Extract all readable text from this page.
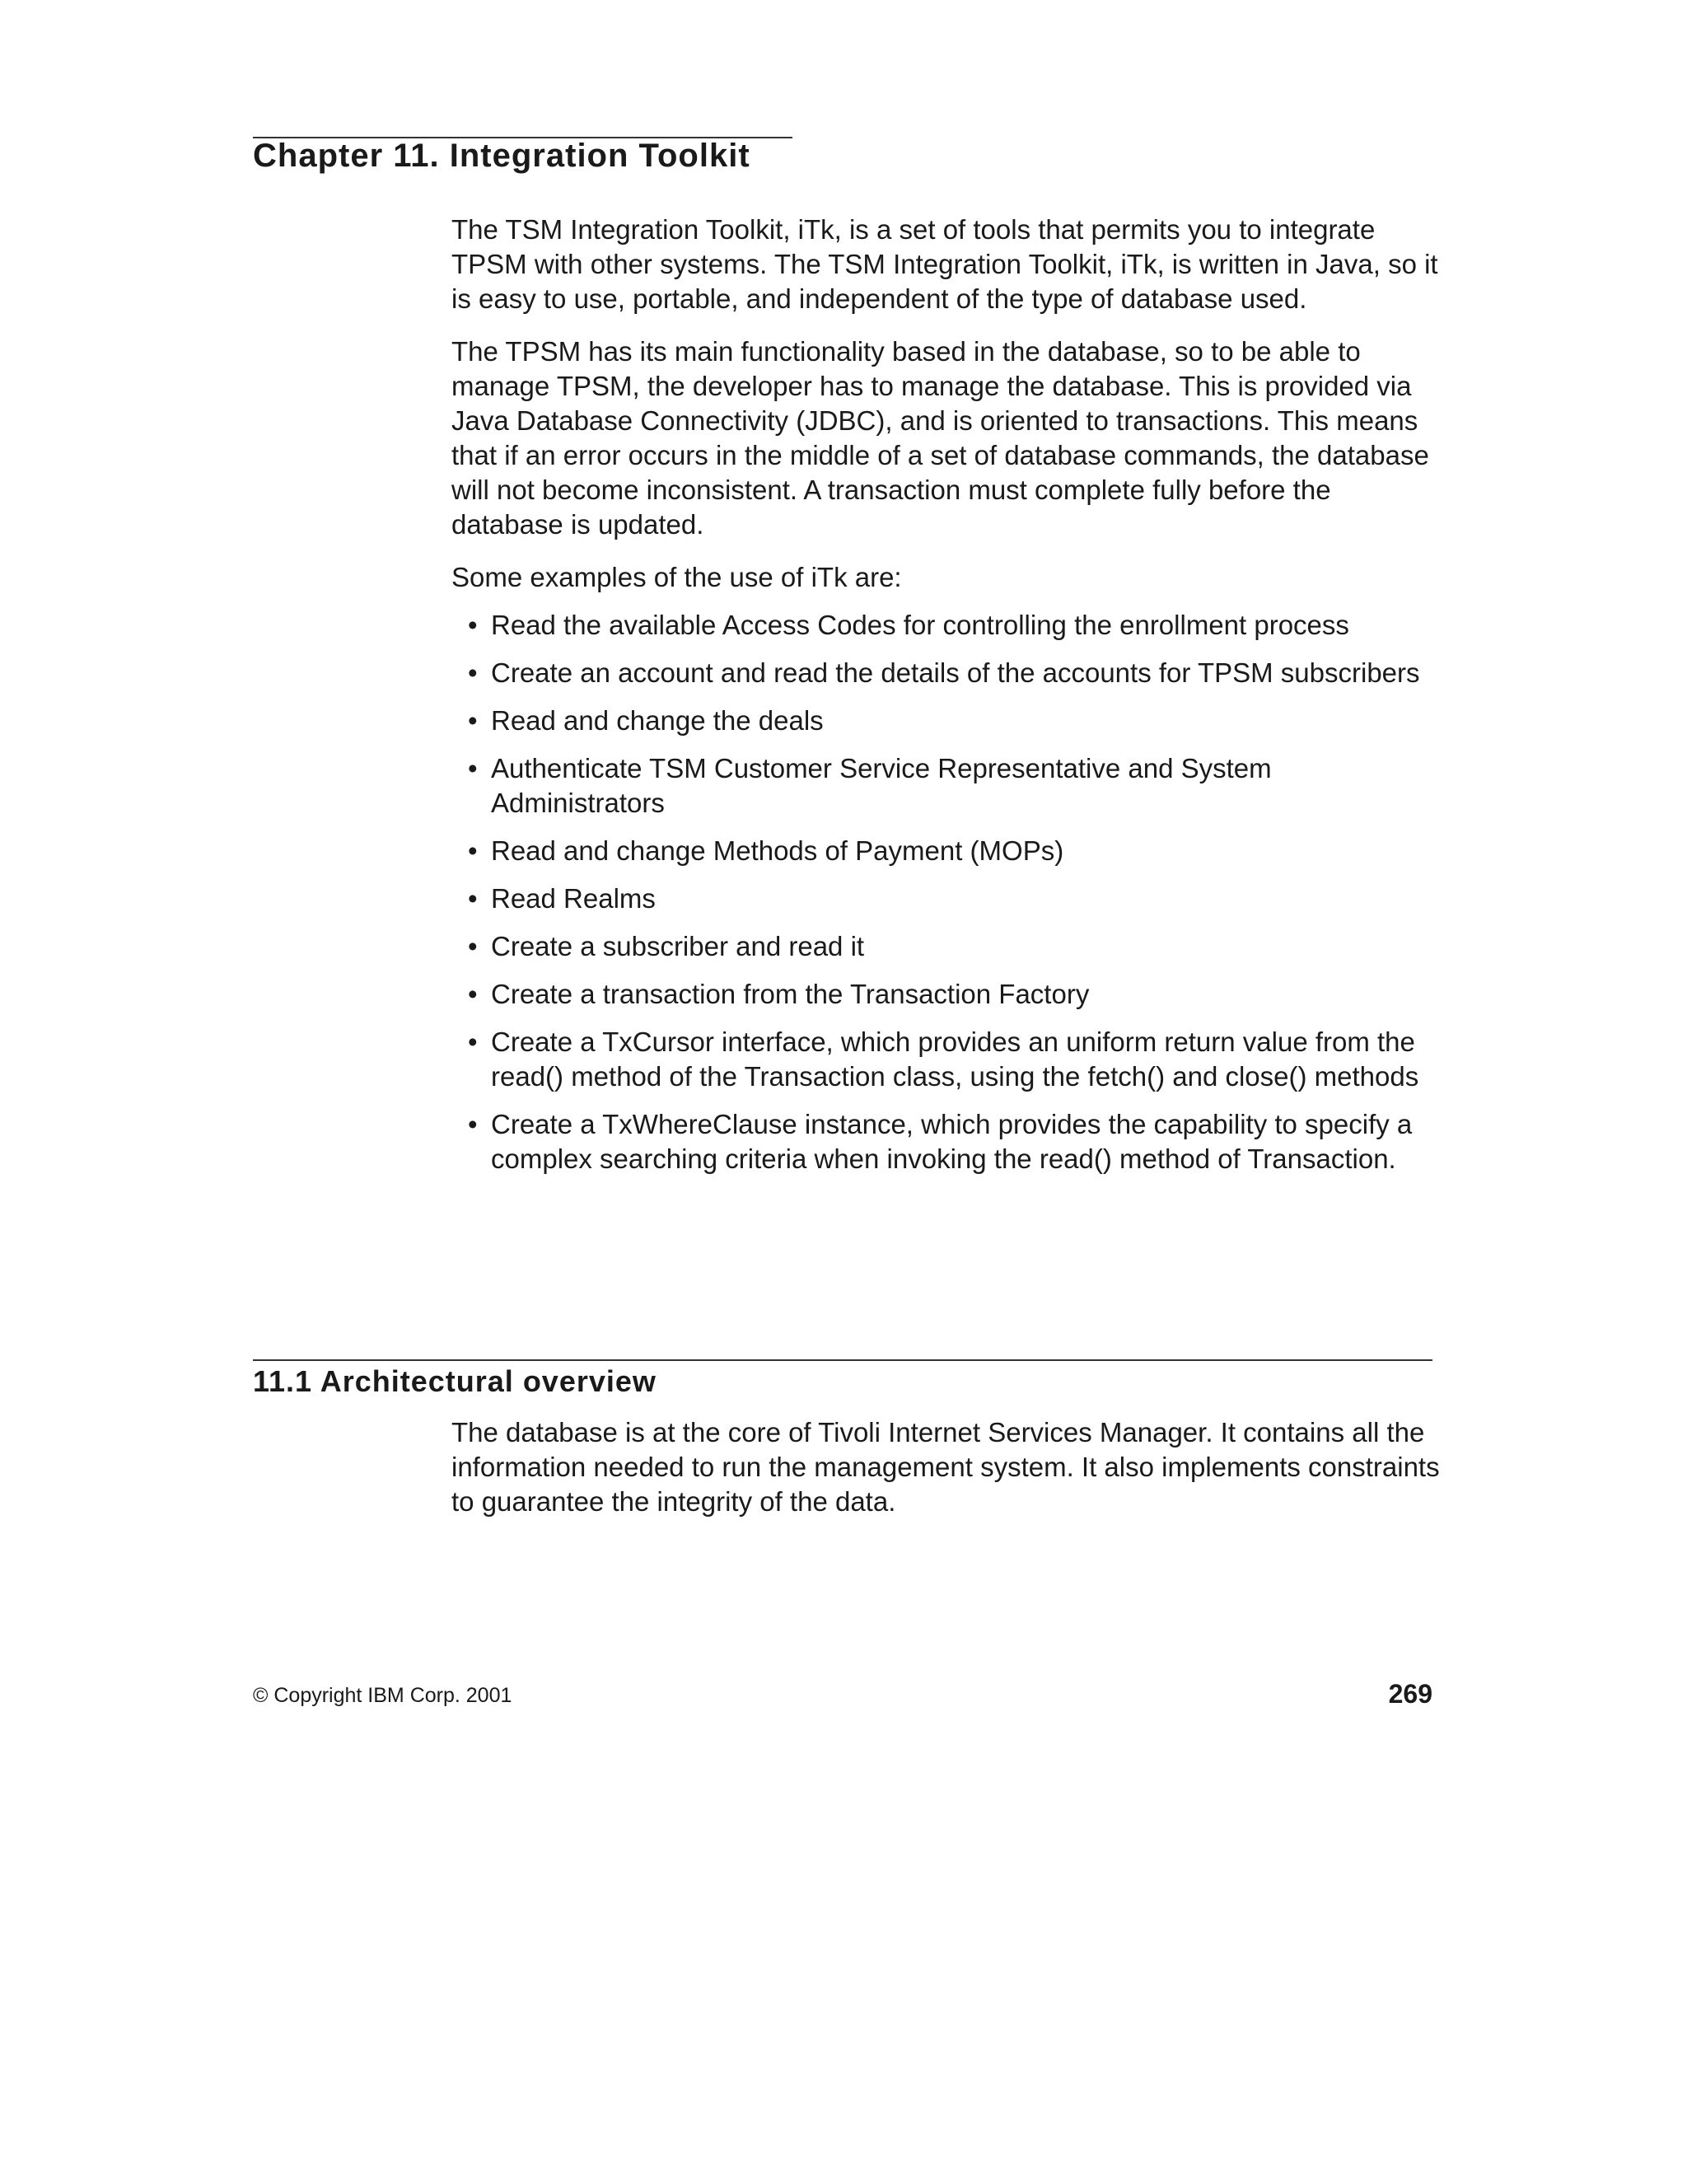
Chapter 11. Integration Toolkit

The TSM Integration Toolkit, iTk, is a set of tools that permits you to integrate TPSM with other systems. The TSM Integration Toolkit, iTk, is written in Java, so it is easy to use, portable, and independent of the type of database used.

The TPSM has its main functionality based in the database, so to be able to manage TPSM, the developer has to manage the database. This is provided via Java Database Connectivity (JDBC), and is oriented to transactions. This means that if an error occurs in the middle of a set of database commands, the database will not become inconsistent. A transaction must complete fully before the database is updated.

Some examples of the use of iTk are:

• Read the available Access Codes for controlling the enrollment process
• Create an account and read the details of the accounts for TPSM subscribers
• Read and change the deals
• Authenticate TSM Customer Service Representative and System Administrators
• Read and change Methods of Payment (MOPs)
• Read Realms
• Create a subscriber and read it
• Create a transaction from the Transaction Factory
• Create a TxCursor interface, which provides an uniform return value from the read() method of the Transaction class, using the fetch() and close() methods
• Create a TxWhereClause instance, which provides the capability to specify a complex searching criteria when invoking the read() method of Transaction.
11.1 Architectural overview

The database is at the core of Tivoli Internet Services Manager. It contains all the information needed to run the management system. It also implements constraints to guarantee the integrity of the data.

© Copyright IBM Corp. 2001	269
